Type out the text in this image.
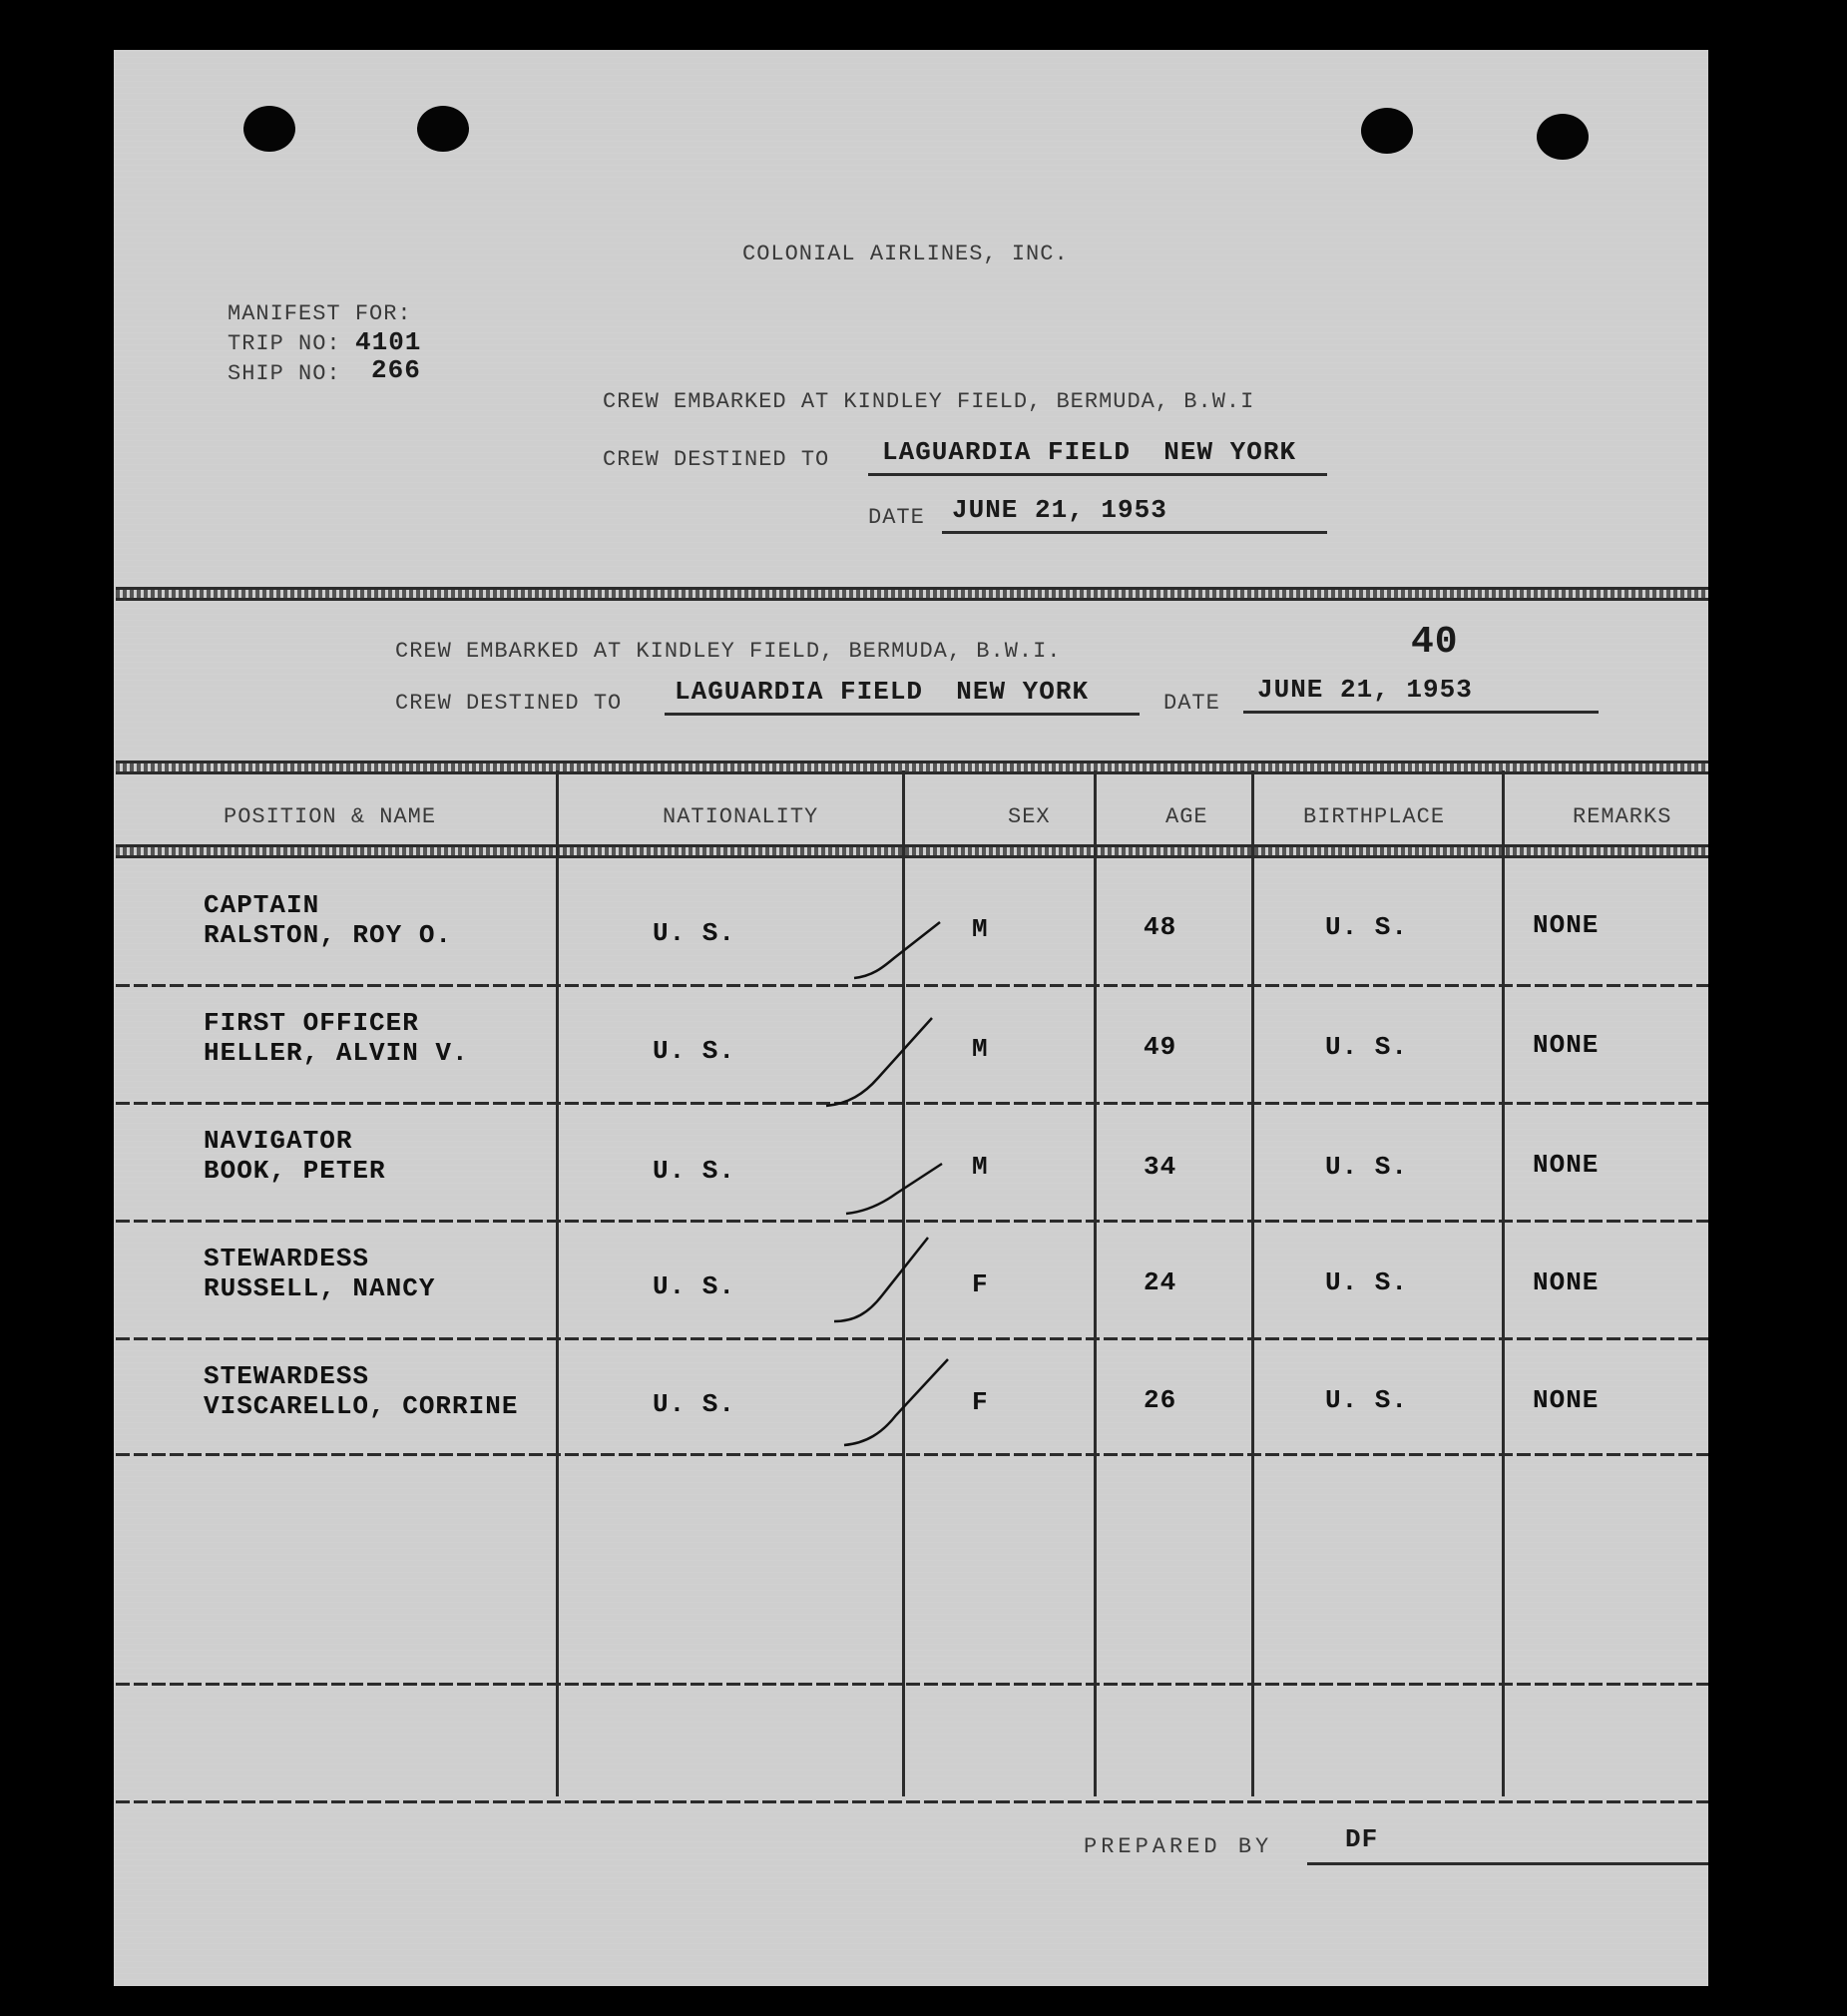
COLONIAL AIRLINES, INC.
MANIFEST FOR:
TRIP NO: 4101
SHIP NO: 266
CREW EMBARKED AT KINDLEY FIELD, BERMUDA, B.W.I
CREW DESTINED TO LAGUARDIA FIELD  NEW YORK
DATE JUNE 21, 1953
CREW EMBARKED AT KINDLEY FIELD, BERMUDA, B.W.I.	40
CREW DESTINED TO LAGUARDIA FIELD  NEW YORK	DATE JUNE 21, 1953
POSITION & NAME	NATIONALITY	SEX	AGE	BIRTHPLACE	REMARKS
CAPTAIN
RALSTON, ROY O.	U. S.	M	48	U. S.	NONE
FIRST OFFICER
HELLER, ALVIN V.	U. S.	M	49	U. S.	NONE
NAVIGATOR
BOOK, PETER	U. S.	M	34	U. S.	NONE
STEWARDESS
RUSSELL, NANCY	U. S.	F	24	U. S.	NONE
STEWARDESS
VISCARELLO, CORRINE	U. S.	F	26	U. S.	NONE
PREPARED BY	DF
